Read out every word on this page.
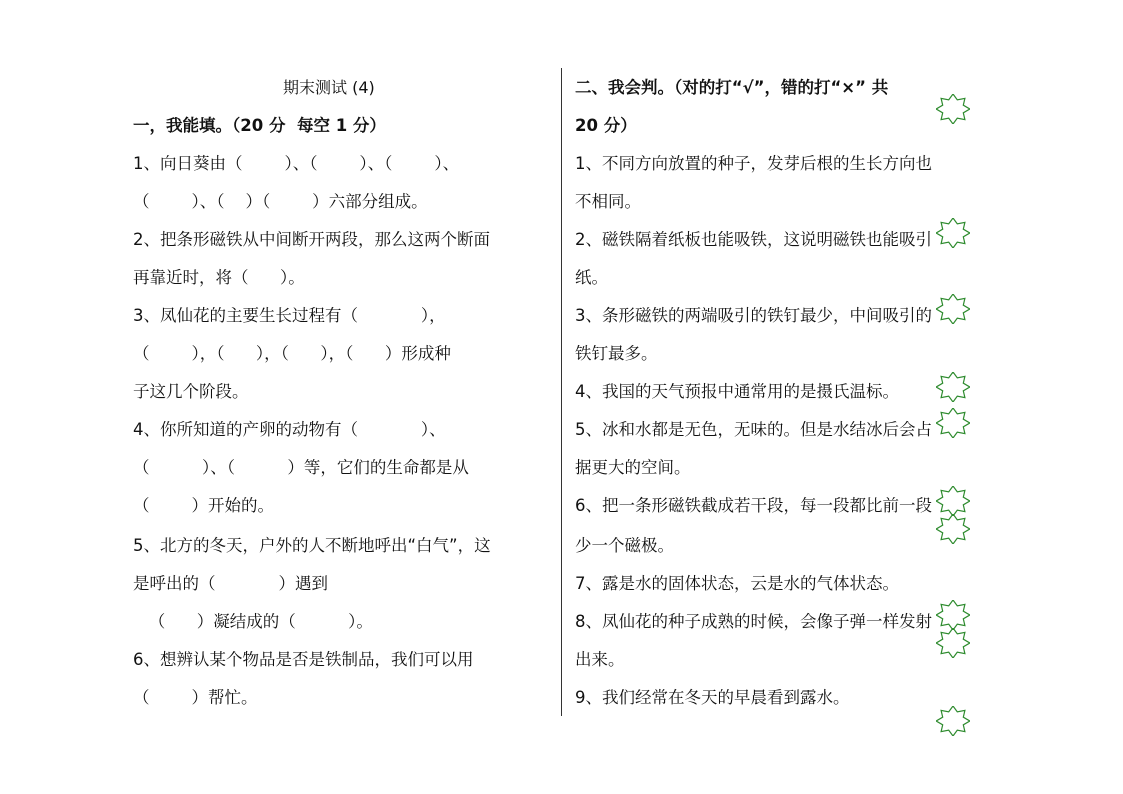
期末测试 (4)
一，我能填。（20 分  每空 1 分）
1、向日葵由（        ）、（        ）、（        ）、
（        ）、（    ）（        ）六部分组成。
2、把条形磁铁从中间断开两段，那么这两个断面
再靠近时，将（      ）。
3、凤仙花的主要生长过程有（            ），
（        ），（      ），（      ），（      ）形成种
子这几个阶段。
4、你所知道的产卵的动物有（            ）、
（          ）、（          ）等，它们的生命都是从
（        ）开始的。
5、北方的冬天，户外的人不断地呼出“白气”，这
是呼出的（            ）遇到
（      ）凝结成的（          ）。
6、想辨认某个物品是否是铁制品，我们可以用
（        ）帮忙。
二、我会判。（对的打“√”，错的打“×” 共
20 分）
1、不同方向放置的种子，发芽后根的生长方向也
不相同。
2、磁铁隔着纸板也能吸铁，这说明磁铁也能吸引
纸。
3、条形磁铁的两端吸引的铁钉最少，中间吸引的
铁钉最多。
4、我国的天气预报中通常用的是摄氏温标。
5、冰和水都是无色，无味的。但是水结冰后会占
据更大的空间。
6、把一条形磁铁截成若干段，每一段都比前一段
少一个磁极。
7、露是水的固体状态，云是水的气体状态。
8、凤仙花的种子成熟的时候，会像子弹一样发射
出来。
9、我们经常在冬天的早晨看到露水。
